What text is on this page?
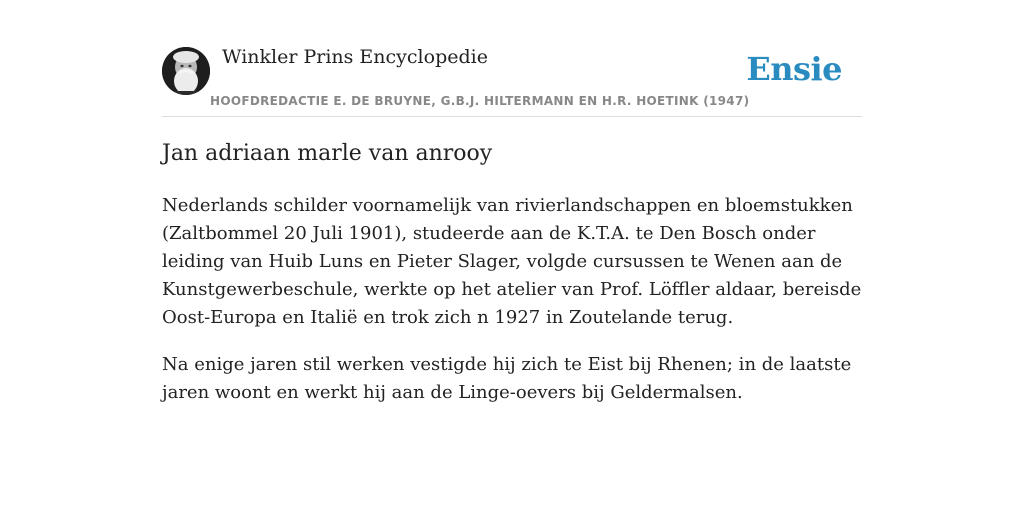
Winkler Prins Encyclopedie
HOOFDREDACTIE E. DE BRUYNE, G.B.J. HILTERMANN EN H.R. HOETINK (1947)
Ensie
Jan adriaan marle van anrooy

Nederlands schilder voornamelijk van rivierlandschappen en bloemstukken (Zaltbommel 20 Juli 1901), studeerde aan de K.T.A. te Den Bosch onder leiding van Huib Luns en Pieter Slager, volgde cursussen te Wenen aan de Kunstgewerbeschule, werkte op het atelier van Prof. Löffler aldaar, bereisde Oost-Europa en Italië en trok zich n 1927 in Zoutelande terug.

Na enige jaren stil werken vestigde hij zich te Eist bij Rhenen; in de laatste jaren woont en werkt hij aan de Linge-oevers bij Geldermalsen.
